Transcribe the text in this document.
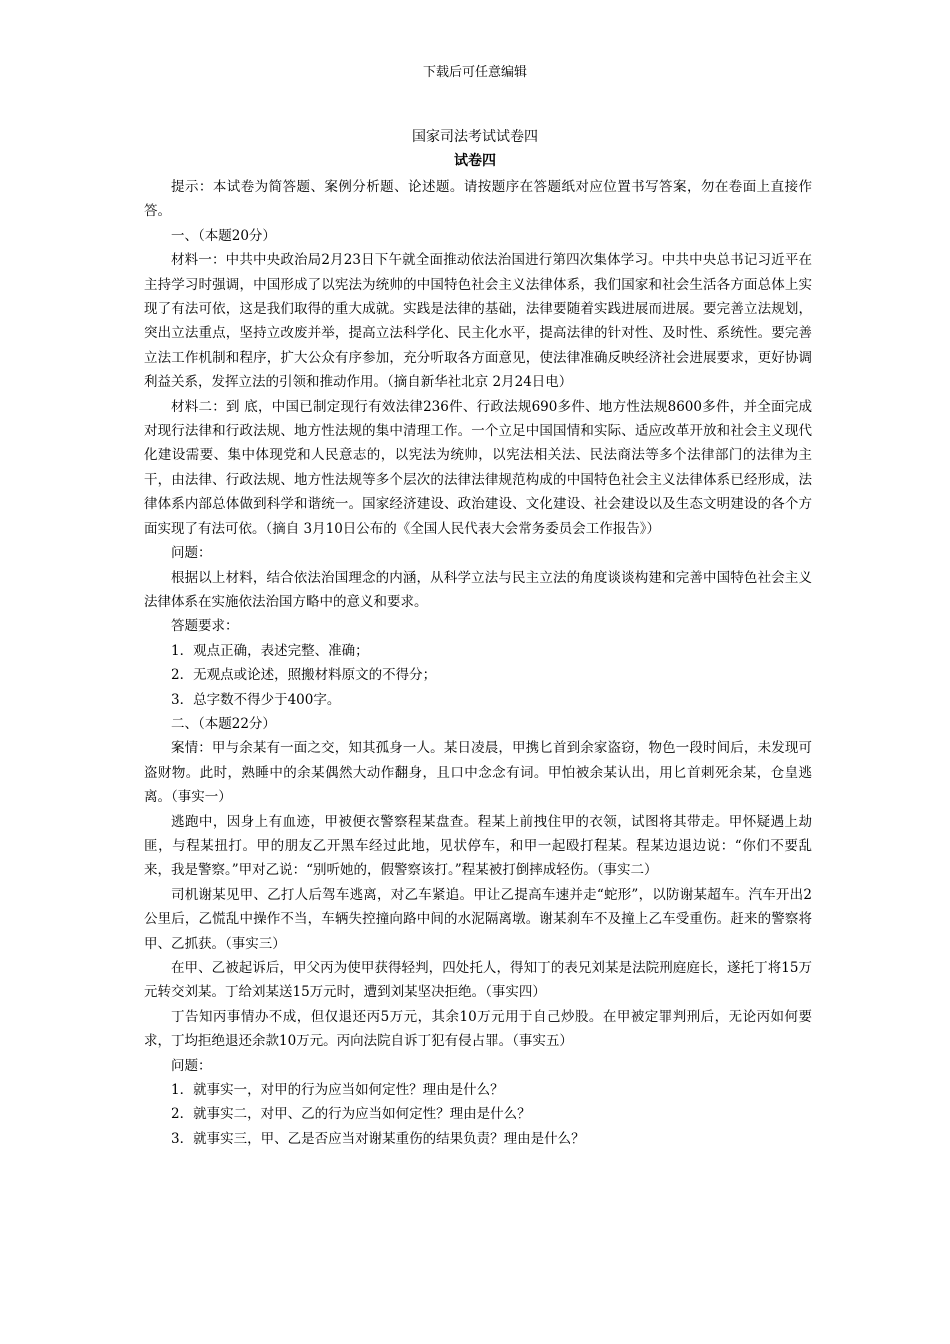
下载后可任意编辑
国家司法考试试卷四
试卷四

提示：本试卷为简答题、案例分析题、论述题。请按题序在答题纸对应位置书写答案，勿在卷面上直接作答。

一、（本题20分）

材料一：中共中央政治局2月23日下午就全面推动依法治国进行第四次集体学习。中共中央总书记习近平在主持学习时强调，中国形成了以宪法为统帅的中国特色社会主义法律体系，我们国家和社会生活各方面总体上实现了有法可依，这是我们取得的重大成就。实践是法律的基础，法律要随着实践进展而进展。要完善立法规划，突出立法重点，坚持立改废并举，提高立法科学化、民主化水平，提高法律的针对性、及时性、系统性。要完善立法工作机制和程序，扩大公众有序参加，充分听取各方面意见，使法律准确反映经济社会进展要求，更好协调利益关系，发挥立法的引领和推动作用。（摘自新华社北京 2月24日电）

材料二：到 底，中国已制定现行有效法律236件、行政法规690多件、地方性法规8600多件，并全面完成对现行法律和行政法规、地方性法规的集中清理工作。一个立足中国国情和实际、适应改革开放和社会主义现代化建设需要、集中体现党和人民意志的，以宪法为统帅，以宪法相关法、民法商法等多个法律部门的法律为主干，由法律、行政法规、地方性法规等多个层次的法律法律规范构成的中国特色社会主义法律体系已经形成，法律体系内部总体做到科学和谐统一。国家经济建设、政治建设、文化建设、社会建设以及生态文明建设的各个方面实现了有法可依。（摘自 3月10日公布的《全国人民代表大会常务委员会工作报告》）

问题：

根据以上材料，结合依法治国理念的内涵，从科学立法与民主立法的角度谈谈构建和完善中国特色社会主义法律体系在实施依法治国方略中的意义和要求。

答题要求：

1．观点正确，表述完整、准确；

2．无观点或论述，照搬材料原文的不得分；

3．总字数不得少于400字。

二、（本题22分）

案情：甲与余某有一面之交，知其孤身一人。某日凌晨，甲携匕首到余家盗窃，物色一段时间后，未发现可盗财物。此时，熟睡中的余某偶然大动作翻身，且口中念念有词。甲怕被余某认出，用匕首刺死余某，仓皇逃离。（事实一）

逃跑中，因身上有血迹，甲被便衣警察程某盘查。程某上前拽住甲的衣领，试图将其带走。甲怀疑遇上劫匪，与程某扭打。甲的朋友乙开黑车经过此地，见状停车，和甲一起殴打程某。程某边退边说：“你们不要乱来，我是警察。”甲对乙说：“别听她的，假警察该打。”程某被打倒摔成轻伤。（事实二）

司机谢某见甲、乙打人后驾车逃离，对乙车紧追。甲让乙提高车速并走“蛇形”，以防谢某超车。汽车开出2公里后，乙慌乱中操作不当，车辆失控撞向路中间的水泥隔离墩。谢某刹车不及撞上乙车受重伤。赶来的警察将甲、乙抓获。（事实三）

在甲、乙被起诉后，甲父丙为使甲获得轻判，四处托人，得知丁的表兄刘某是法院刑庭庭长，遂托丁将15万元转交刘某。丁给刘某送15万元时，遭到刘某坚决拒绝。（事实四）

丁告知丙事情办不成，但仅退还丙5万元，其余10万元用于自己炒股。在甲被定罪判刑后，无论丙如何要求，丁均拒绝退还余款10万元。丙向法院自诉丁犯有侵占罪。（事实五）

问题：

1．就事实一，对甲的行为应当如何定性？理由是什么？

2．就事实二，对甲、乙的行为应当如何定性？理由是什么？

3．就事实三，甲、乙是否应当对谢某重伤的结果负责？理由是什么？
